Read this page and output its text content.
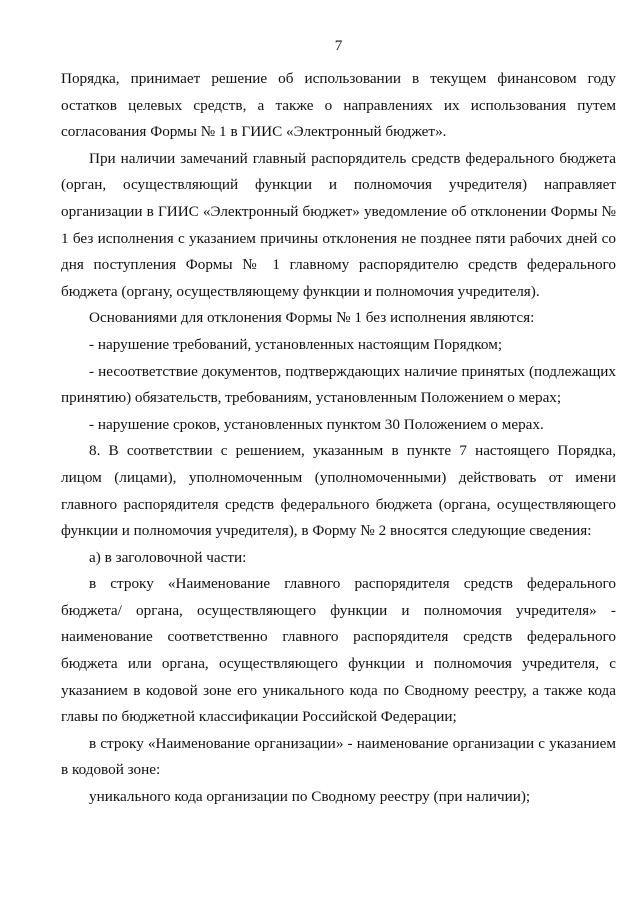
7

Порядка, принимает решение об использовании в текущем финансовом году остатков целевых средств, а также о направлениях их использования путем согласования Формы № 1 в ГИИС «Электронный бюджет».

При наличии замечаний главный распорядитель средств федерального бюджета (орган, осуществляющий функции и полномочия учредителя) направляет организации в ГИИС «Электронный бюджет» уведомление об отклонении Формы № 1 без исполнения с указанием причины отклонения не позднее пяти рабочих дней со дня поступления Формы № 1 главному распорядителю средств федерального бюджета (органу, осуществляющему функции и полномочия учредителя).

Основаниями для отклонения Формы № 1 без исполнения являются:

- нарушение требований, установленных настоящим Порядком;

- несоответствие документов, подтверждающих наличие принятых (подлежащих принятию) обязательств, требованиям, установленным Положением о мерах;

- нарушение сроков, установленных пунктом 30 Положением о мерах.

8. В соответствии с решением, указанным в пункте 7 настоящего Порядка, лицом (лицами), уполномоченным (уполномоченными) действовать от имени главного распорядителя средств федерального бюджета (органа, осуществляющего функции и полномочия учредителя), в Форму № 2 вносятся следующие сведения:

а) в заголовочной части:

в строку «Наименование главного распорядителя средств федерального бюджета/ органа, осуществляющего функции и полномочия учредителя» - наименование соответственно главного распорядителя средств федерального бюджета или органа, осуществляющего функции и полномочия учредителя, с указанием в кодовой зоне его уникального кода по Сводному реестру, а также кода главы по бюджетной классификации Российской Федерации;

в строку «Наименование организации» - наименование организации с указанием в кодовой зоне:

уникального кода организации по Сводному реестру (при наличии);
